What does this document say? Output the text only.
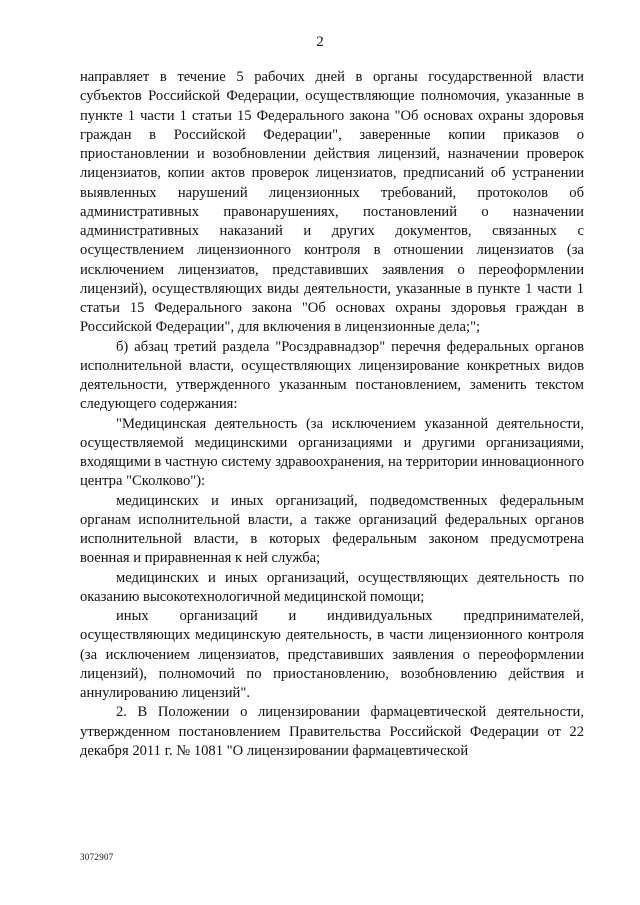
2

направляет в течение 5 рабочих дней в органы государственной власти субъектов Российской Федерации, осуществляющие полномочия, указанные в пункте 1 части 1 статьи 15 Федерального закона "Об основах охраны здоровья граждан в Российской Федерации", заверенные копии приказов о приостановлении и возобновлении действия лицензий, назначении проверок лицензиатов, копии актов проверок лицензиатов, предписаний об устранении выявленных нарушений лицензионных требований, протоколов об административных правонарушениях, постановлений о назначении административных наказаний и других документов, связанных с осуществлением лицензионного контроля в отношении лицензиатов (за исключением лицензиатов, представивших заявления о переоформлении лицензий), осуществляющих виды деятельности, указанные в пункте 1 части 1 статьи 15 Федерального закона "Об основах охраны здоровья граждан в Российской Федерации", для включения в лицензионные дела;";

б) абзац третий раздела "Росздравнадзор" перечня федеральных органов исполнительной власти, осуществляющих лицензирование конкретных видов деятельности, утвержденного указанным постановлением, заменить текстом следующего содержания:

"Медицинская деятельность (за исключением указанной деятельности, осуществляемой медицинскими организациями и другими организациями, входящими в частную систему здравоохранения, на территории инновационного центра "Сколково"):

медицинских и иных организаций, подведомственных федеральным органам исполнительной власти, а также организаций федеральных органов исполнительной власти, в которых федеральным законом предусмотрена военная и приравненная к ней служба;

медицинских и иных организаций, осуществляющих деятельность по оказанию высокотехнологичной медицинской помощи;

иных организаций и индивидуальных предпринимателей, осуществляющих медицинскую деятельность, в части лицензионного контроля (за исключением лицензиатов, представивших заявления о переоформлении лицензий), полномочий по приостановлению, возобновлению действия и аннулированию лицензий".

2. В Положении о лицензировании фармацевтической деятельности, утвержденном постановлением Правительства Российской Федерации от 22 декабря 2011 г. № 1081 "О лицензировании фармацевтической

3072907
